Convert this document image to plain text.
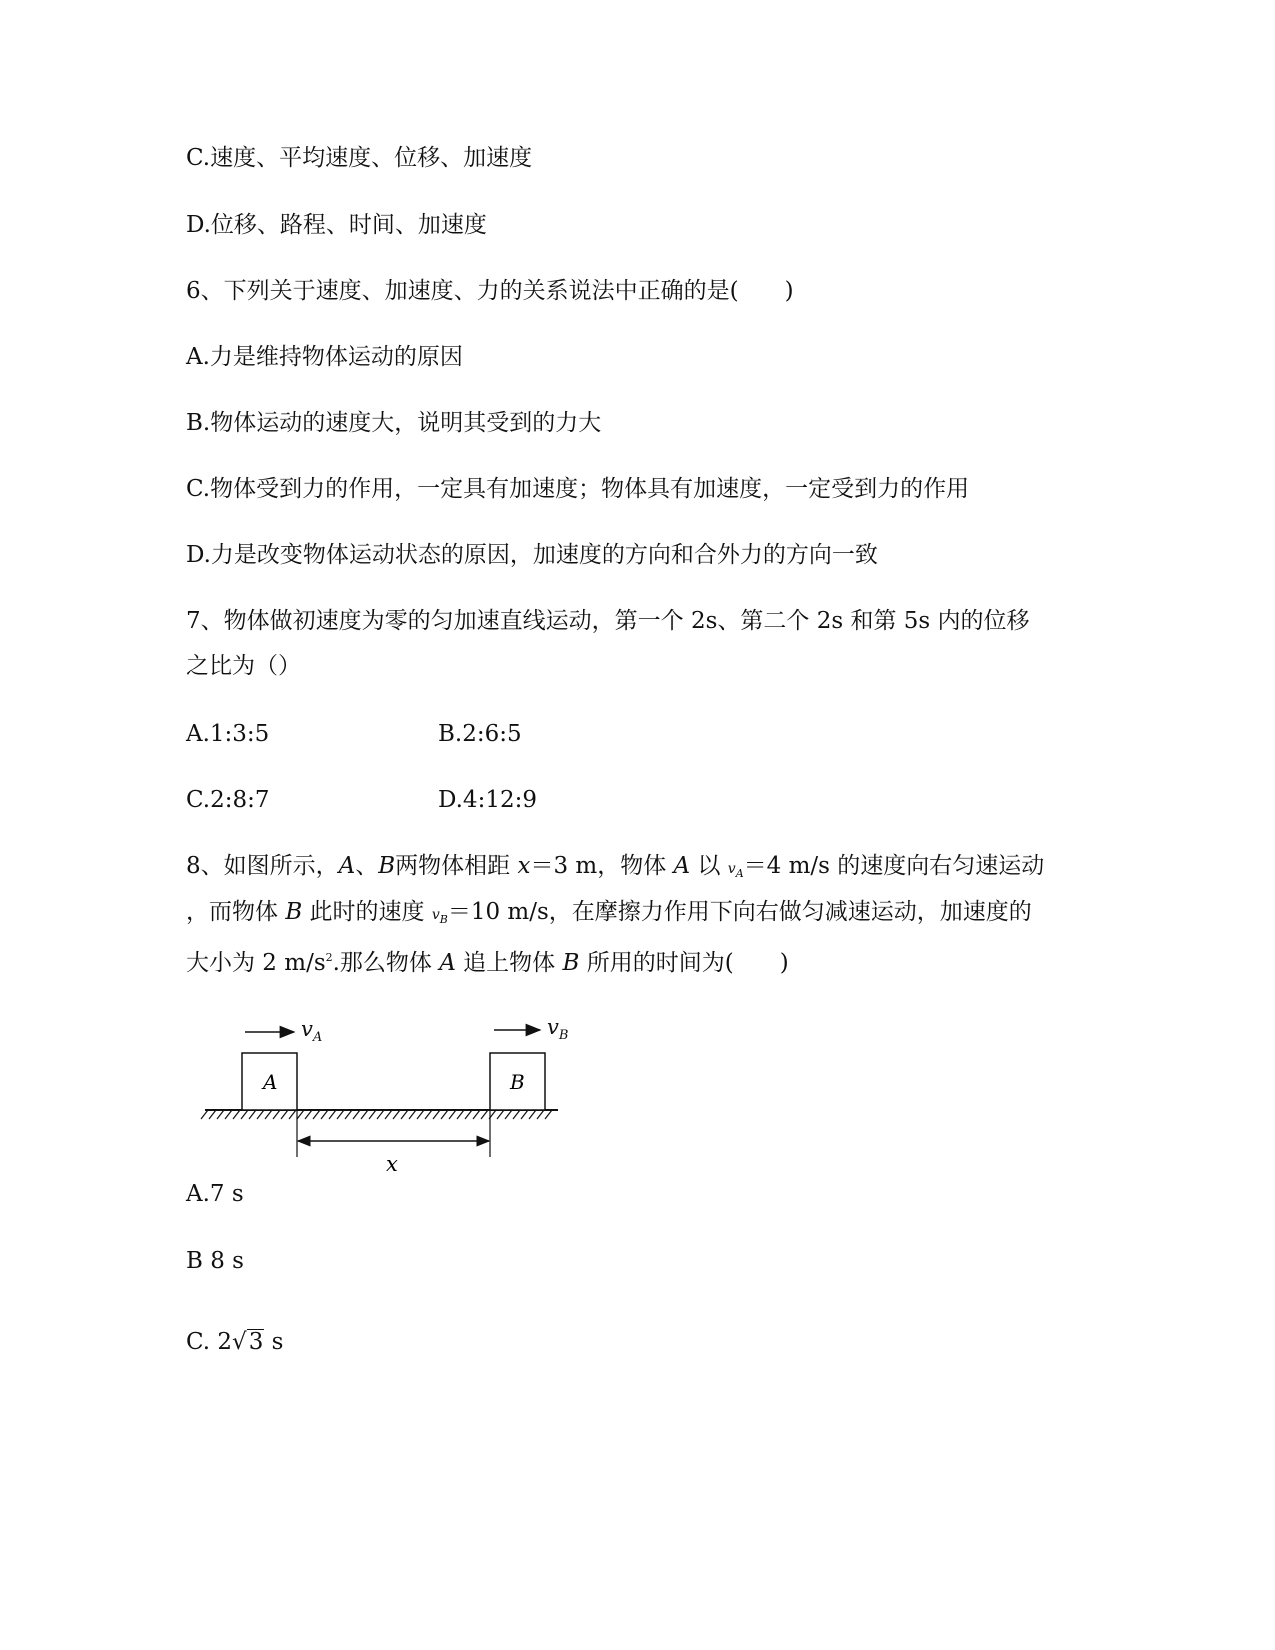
C.速度、平均速度、位移、加速度
D.位移、路程、时间、加速度
6、下列关于速度、加速度、力的关系说法中正确的是(　　)
A.力是维持物体运动的原因
B.物体运动的速度大，说明其受到的力大
C.物体受到力的作用，一定具有加速度；物体具有加速度，一定受到力的作用
D.力是改变物体运动状态的原因，加速度的方向和合外力的方向一致
7、物体做初速度为零的匀加速直线运动，第一个 2s、第二个 2s 和第 5s 内的位移
之比为（）
A.1:3:5	B.2:6:5
C.2:8:7	D.4:12:9
8、如图所示，A、B两物体相距 x＝3 m，物体 A 以 $v_A=4$ m/s 的速度向右匀速运动
，而物体 B 此时的速度 $v_B=10$ m/s，在摩擦力作用下向右做匀减速运动，加速度的
大小为 2 $m/s^2$.那么物体 A 追上物体 B 所用的时间为(　　)
A	B
x
$v_A$	$v_B$
A.7 s
B 8 s
C. 2√3 s
